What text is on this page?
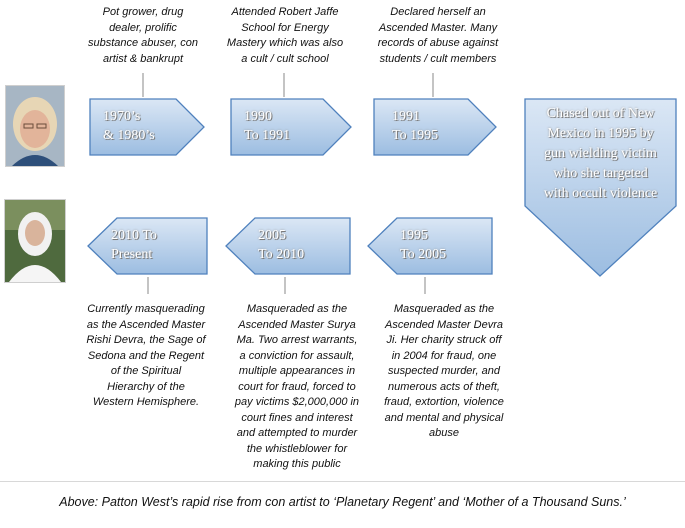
Pot grower, drug
dealer, prolific
substance abuser, con
artist & bankrupt
Attended Robert Jaffe
School for Energy
Mastery which was also
a cult / cult school
Declared herself an
Ascended Master. Many
records of abuse against
students / cult members
1970’s
& 1980’s
1990
To 1991
1991
To 1995
Chased out of New
Mexico in 1995 by
gun wielding victim
who she targeted
with occult violence
1995
To 2005
2005
To 2010
2010 To
Present
Masqueraded as the
Ascended Master Devra
Ji. Her charity struck off
in 2004 for fraud, one
suspected murder, and
numerous acts of theft,
fraud, extortion, violence
and mental and physical
abuse
Masqueraded as the
Ascended Master Surya
Ma. Two arrest warrants,
a conviction for assault,
multiple appearances in
court for fraud, forced to
pay victims $2,000,000 in
court fines and interest
and attempted to murder
the whistleblower for
making this public
Currently masquerading
as the Ascended Master
Rishi Devra, the Sage of
Sedona and the Regent
of the Spiritual
Hierarchy of the
Western Hemisphere.
Above: Patton West’s rapid rise from con artist to ‘Planetary Regent’ and ‘Mother of a Thousand Suns.’
